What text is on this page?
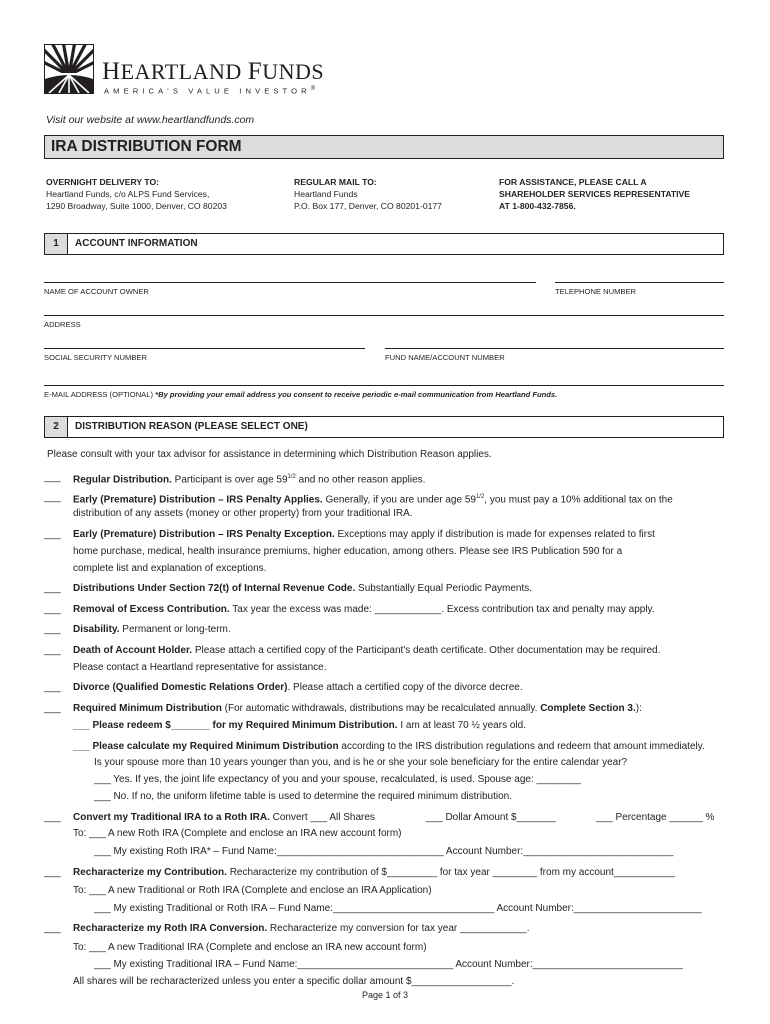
HEARTLAND FUNDS
AMERICA'S VALUE INVESTOR®
Visit our website at www.heartlandfunds.com
IRA DISTRIBUTION FORM
OVERNIGHT DELIVERY TO:
Heartland Funds, c/o ALPS Fund Services,
1290 Broadway, Suite 1000, Denver, CO 80203
REGULAR MAIL TO:
Heartland Funds
P.O. Box 177, Denver, CO 80201-0177
FOR ASSISTANCE, PLEASE CALL A
SHAREHOLDER SERVICES REPRESENTATIVE
AT 1-800-432-7856.
1	ACCOUNT INFORMATION
NAME OF ACCOUNT OWNER	TELEPHONE NUMBER
ADDRESS
SOCIAL SECURITY NUMBER	FUND NAME/ACCOUNT NUMBER
E-MAIL ADDRESS (OPTIONAL) *By providing your email address you consent to receive periodic e-mail communication from Heartland Funds.
2	DISTRIBUTION REASON (PLEASE SELECT ONE)
Please consult with your tax advisor for assistance in determining which Distribution Reason applies.
___ Regular Distribution. Participant is over age $59^{1/2}$ and no other reason applies.
___ Early (Premature) Distribution – IRS Penalty Applies. Generally, if you are under age $59^{1/2}$, you must pay a 10% additional tax on the
distribution of any assets (money or other property) from your traditional IRA.
___ Early (Premature) Distribution – IRS Penalty Exception. Exceptions may apply if distribution is made for expenses related to first
home purchase, medical, health insurance premiums, higher education, among others. Please see IRS Publication 590 for a
complete list and explanation of exceptions.
___ Distributions Under Section 72(t) of Internal Revenue Code. Substantially Equal Periodic Payments.
___ Removal of Excess Contribution. Tax year the excess was made: ____________. Excess contribution tax and penalty may apply.
___ Disability. Permanent or long-term.
___ Death of Account Holder. Please attach a certified copy of the Participant's death certificate. Other documentation may be required.
Please contact a Heartland representative for assistance.
___ Divorce (Qualified Domestic Relations Order). Please attach a certified copy of the divorce decree.
___ Required Minimum Distribution (For automatic withdrawals, distributions may be recalculated annually. Complete Section 3.):
___ Please redeem $_______ for my Required Minimum Distribution. I am at least 70 ½ years old.
___ Please calculate my Required Minimum Distribution according to the IRS distribution regulations and redeem that amount immediately.
Is your spouse more than 10 years younger than you, and is he or she your sole beneficiary for the entire calendar year?
___ Yes. If yes, the joint life expectancy of you and your spouse, recalculated, is used. Spouse age: ________
___ No. If no, the uniform lifetime table is used to determine the required minimum distribution.
___ Convert my Traditional IRA to a Roth IRA. Convert ___ All Shares	___ Dollar Amount $_______	___ Percentage ______ %
To: ___ A new Roth IRA (Complete and enclose an IRA new account form)
___ My existing Roth IRA* – Fund Name:______________________________ Account Number:___________________________
___ Recharacterize my Contribution. Recharacterize my contribution of $_________ for tax year ________ from my account___________
To: ___ A new Traditional or Roth IRA (Complete and enclose an IRA Application)
___ My existing Traditional or Roth IRA – Fund Name:_____________________________ Account Number:_______________________
___ Recharacterize my Roth IRA Conversion. Recharacterize my conversion for tax year ____________.
To: ___ A new Traditional IRA (Complete and enclose an IRA new account form)
___ My existing Traditional IRA – Fund Name:____________________________ Account Number:___________________________
All shares will be recharacterized unless you enter a specific dollar amount $__________________.
Page 1 of 3
